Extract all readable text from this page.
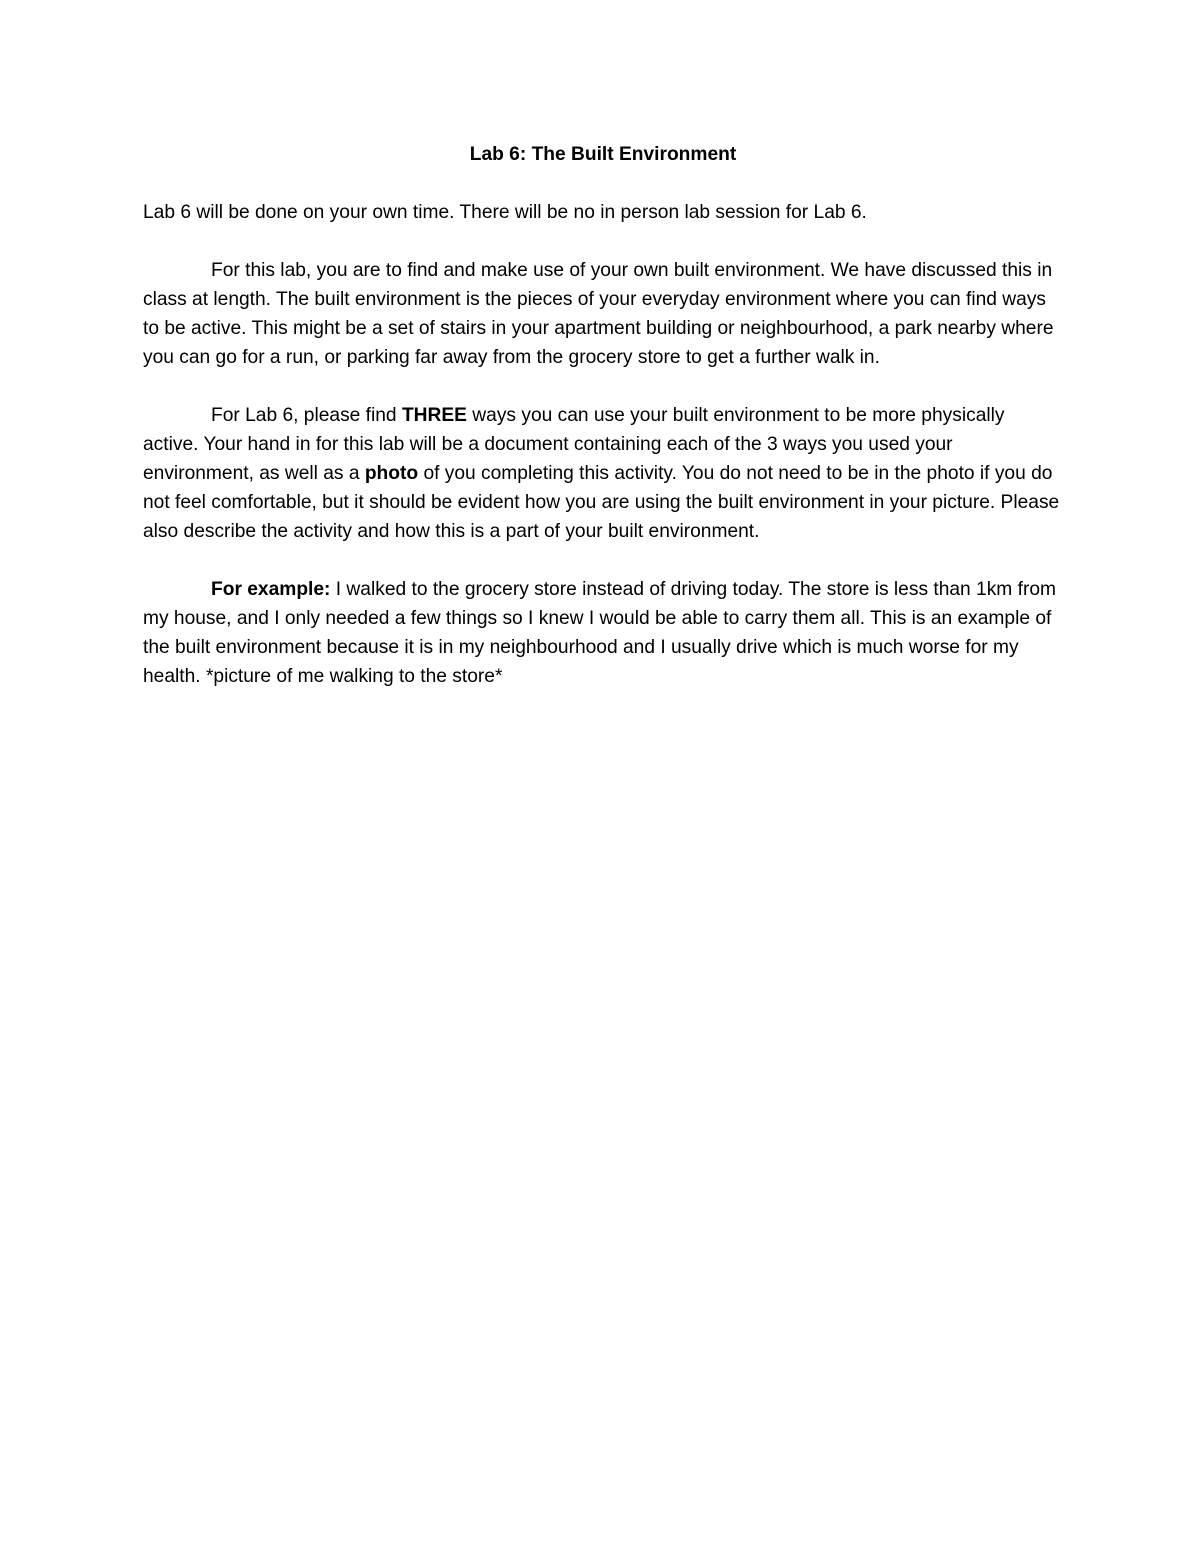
Lab 6: The Built Environment

Lab 6 will be done on your own time. There will be no in person lab session for Lab 6.

For this lab, you are to find and make use of your own built environment. We have discussed this in class at length. The built environment is the pieces of your everyday environment where you can find ways to be active. This might be a set of stairs in your apartment building or neighbourhood, a park nearby where you can go for a run, or parking far away from the grocery store to get a further walk in.

For Lab 6, please find THREE ways you can use your built environment to be more physically active. Your hand in for this lab will be a document containing each of the 3 ways you used your environment, as well as a photo of you completing this activity. You do not need to be in the photo if you do not feel comfortable, but it should be evident how you are using the built environment in your picture. Please also describe the activity and how this is a part of your built environment.

For example: I walked to the grocery store instead of driving today. The store is less than 1km from my house, and I only needed a few things so I knew I would be able to carry them all. This is an example of the built environment because it is in my neighbourhood and I usually drive which is much worse for my health. *picture of me walking to the store*
